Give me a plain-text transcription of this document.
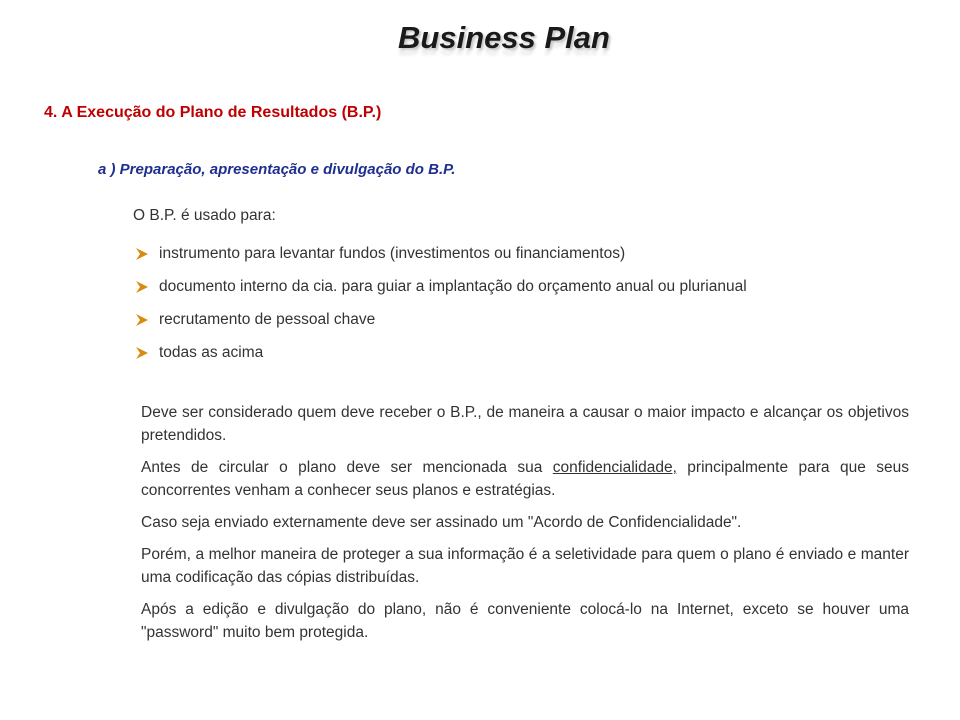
Business Plan
4. A Execução do Plano de Resultados (B.P.)
a ) Preparação, apresentação e divulgação do B.P.
O B.P. é usado para:
instrumento para levantar fundos (investimentos ou financiamentos)
documento interno da cia. para guiar a implantação do orçamento anual ou plurianual
recrutamento de pessoal chave
todas as acima

Deve ser considerado quem deve receber o B.P., de maneira a causar o maior impacto e alcançar os objetivos pretendidos.

Antes de circular o plano deve ser mencionada sua confidencialidade, principalmente para que seus concorrentes venham a conhecer seus planos e estratégias.

Caso seja enviado externamente deve ser assinado um "Acordo de Confidencialidade".

Porém, a melhor maneira de proteger a sua informação é a seletividade para quem o plano é enviado e manter uma codificação das cópias distribuídas.

Após a edição e divulgação do plano, não é conveniente colocá-lo na Internet, exceto se houver uma "password" muito bem protegida.
